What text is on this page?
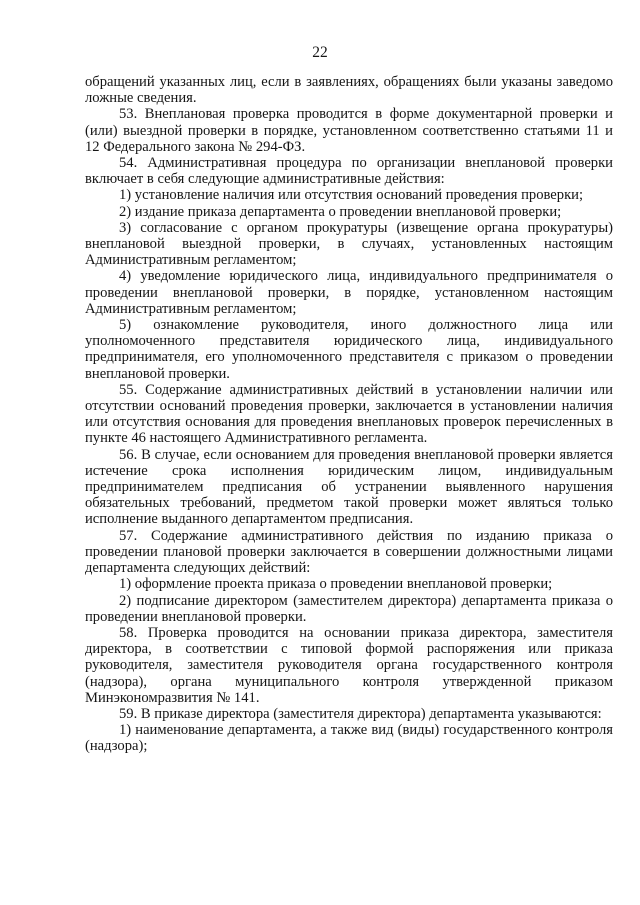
22

обращений указанных лиц, если в заявлениях, обращениях были указаны заведомо ложные сведения.

53. Внеплановая проверка проводится в форме документарной проверки и (или) выездной проверки в порядке, установленном соответственно статьями 11 и 12 Федерального закона № 294-ФЗ.

54. Административная процедура по организации внеплановой проверки включает в себя следующие административные действия:

1) установление наличия или отсутствия оснований проведения проверки;

2) издание приказа департамента о проведении внеплановой проверки;

3) согласование с органом прокуратуры (извещение органа прокуратуры) внеплановой выездной проверки, в случаях, установленных настоящим Административным регламентом;

4) уведомление юридического лица, индивидуального предпринимателя о проведении внеплановой проверки, в порядке, установленном настоящим Административным регламентом;

5) ознакомление руководителя, иного должностного лица или уполномоченного представителя юридического лица, индивидуального предпринимателя, его уполномоченного представителя с приказом о проведении внеплановой проверки.

55. Содержание административных действий в установлении наличии или отсутствии оснований проведения проверки, заключается в установлении наличия или отсутствия основания для проведения внеплановых проверок перечисленных в пункте 46 настоящего Административного регламента.

56. В случае, если основанием для проведения внеплановой проверки является истечение срока исполнения юридическим лицом, индивидуальным предпринимателем предписания об устранении выявленного нарушения обязательных требований, предметом такой проверки может являться только исполнение выданного департаментом предписания.

57. Содержание административного действия по изданию приказа о проведении плановой проверки заключается в совершении должностными лицами департамента следующих действий:

1) оформление проекта приказа о проведении внеплановой проверки;

2) подписание директором (заместителем директора) департамента приказа о проведении внеплановой проверки.

58. Проверка проводится на основании приказа директора, заместителя директора, в соответствии с типовой формой распоряжения или приказа руководителя, заместителя руководителя органа государственного контроля (надзора), органа муниципального контроля утвержденной приказом Минэкономразвития № 141.

59. В приказе директора (заместителя директора) департамента указываются:

1) наименование департамента, а также вид (виды) государственного контроля (надзора);
